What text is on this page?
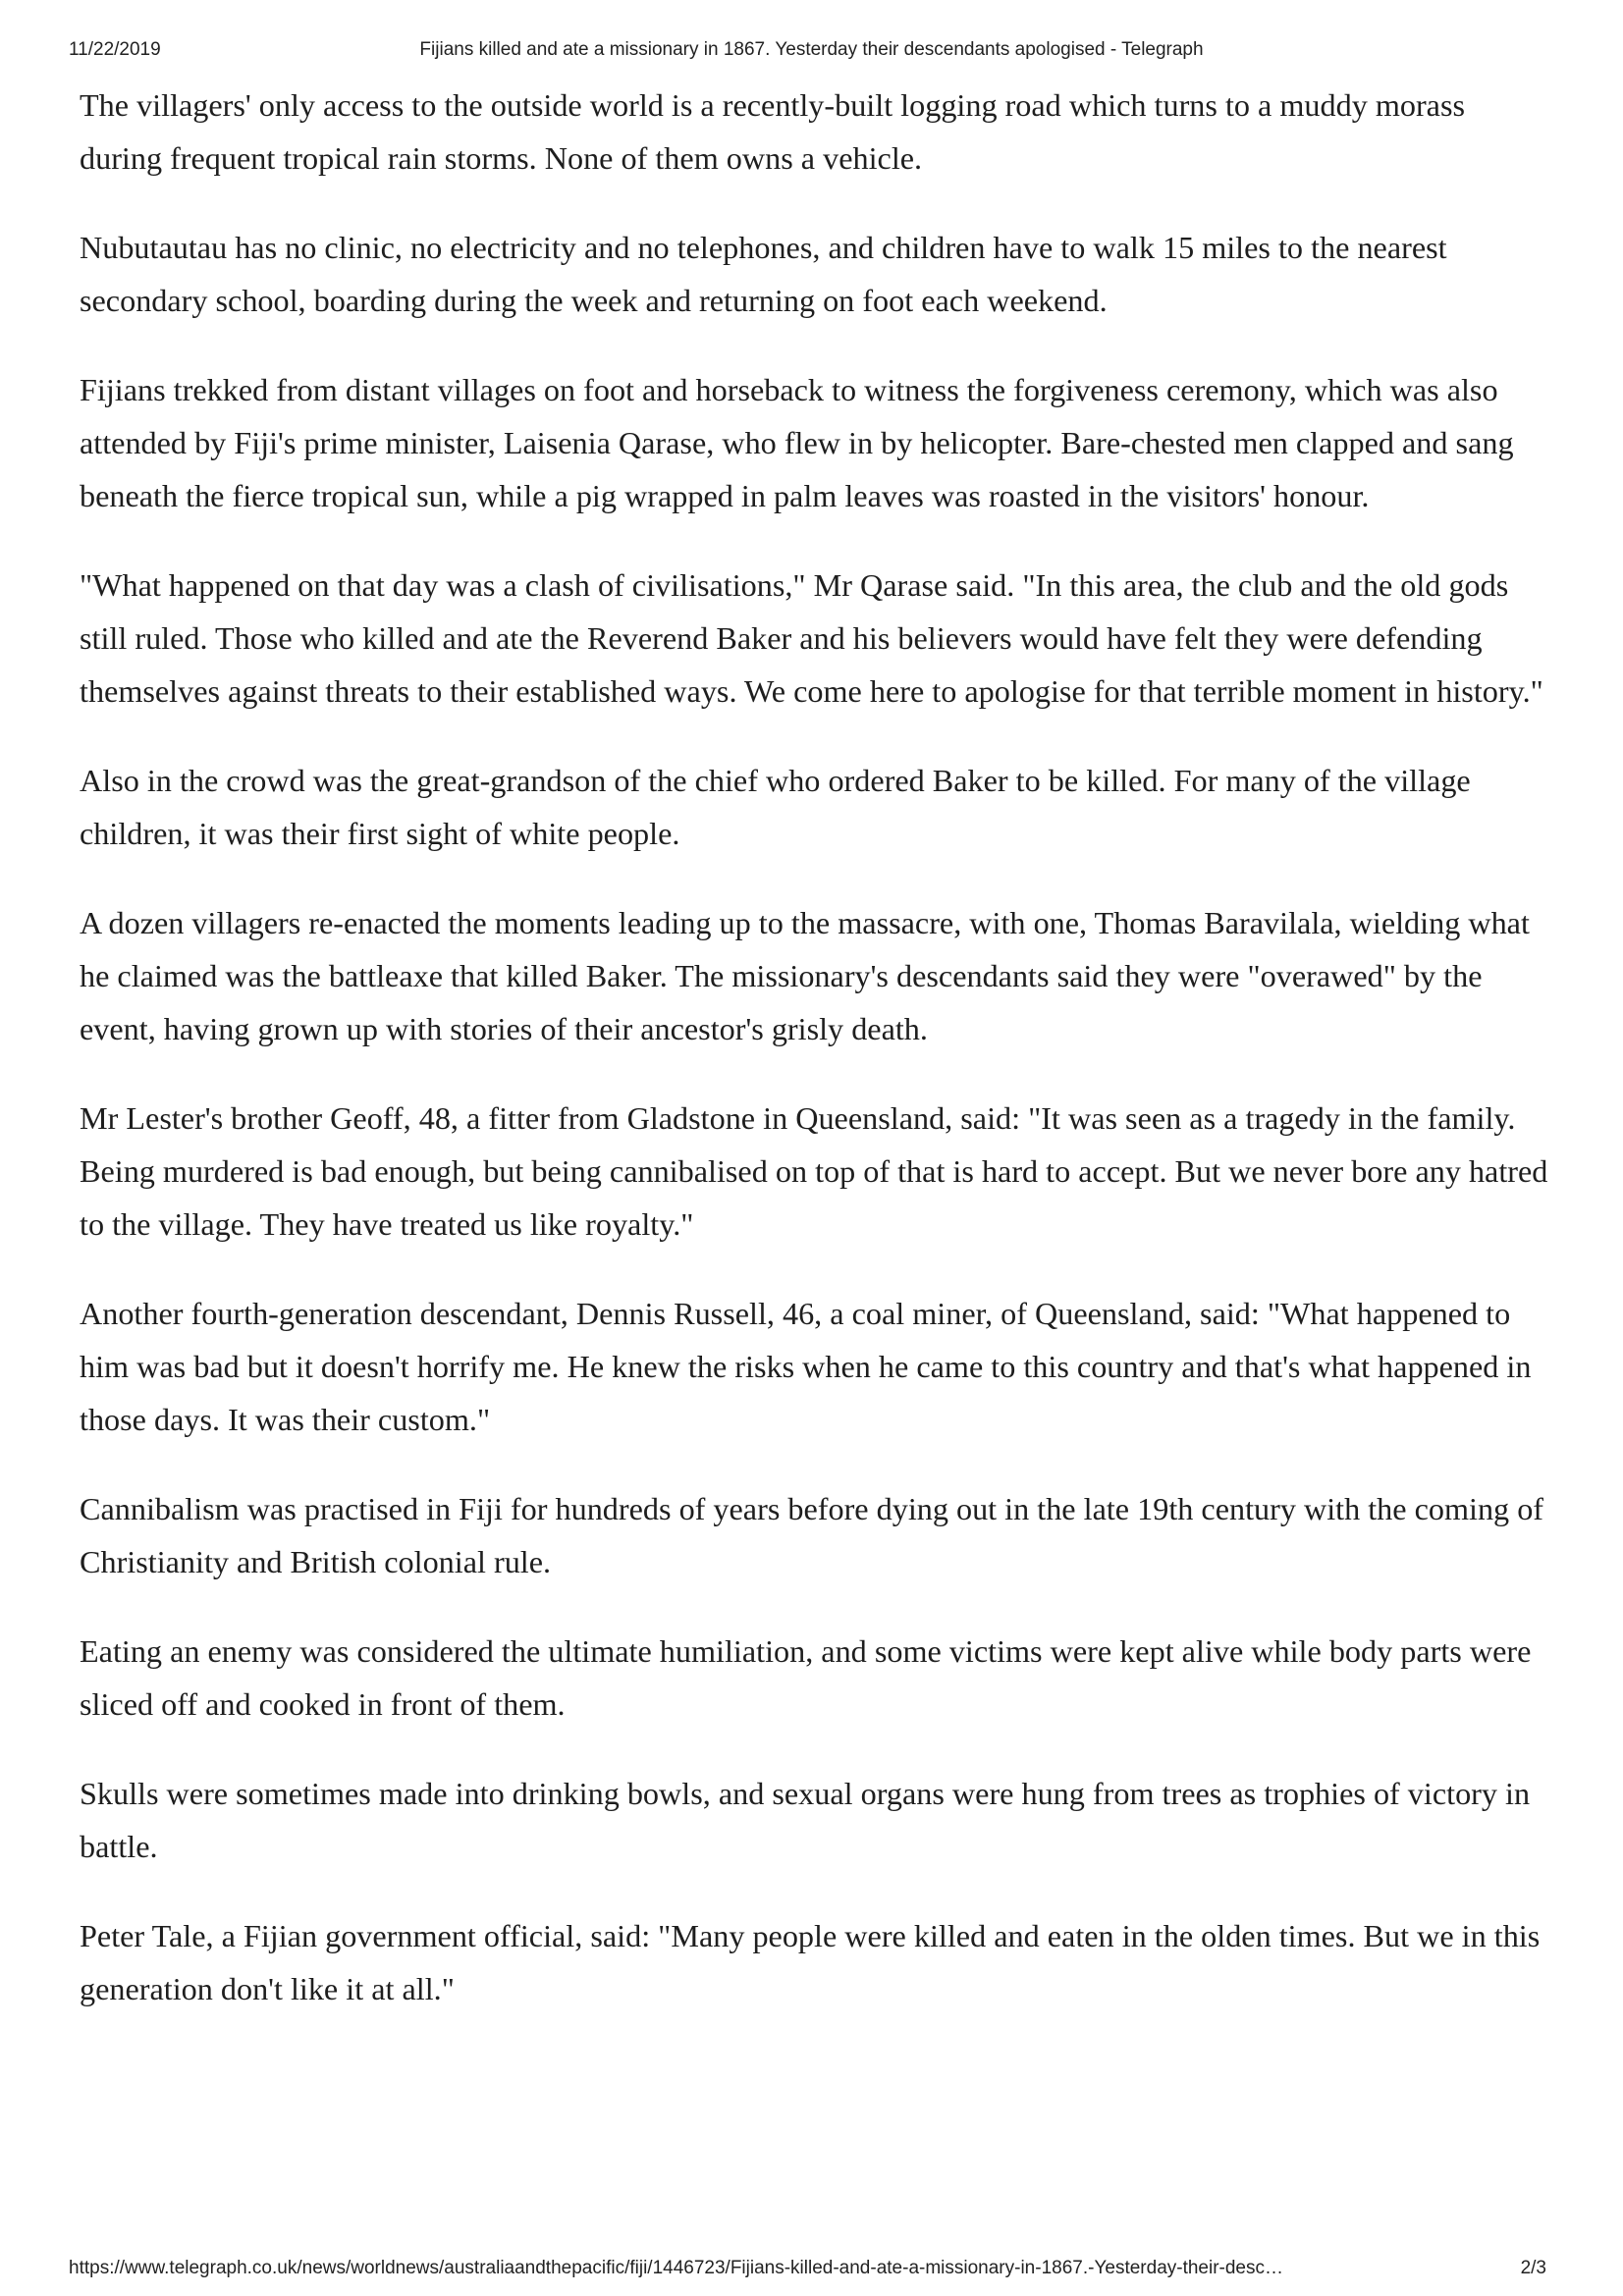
11/22/2019	Fijians killed and ate a missionary in 1867. Yesterday their descendants apologised - Telegraph

The villagers' only access to the outside world is a recently-built logging road which turns to a muddy morass during frequent tropical rain storms. None of them owns a vehicle.

Nubutautau has no clinic, no electricity and no telephones, and children have to walk 15 miles to the nearest secondary school, boarding during the week and returning on foot each weekend.

Fijians trekked from distant villages on foot and horseback to witness the forgiveness ceremony, which was also attended by Fiji's prime minister, Laisenia Qarase, who flew in by helicopter. Bare-chested men clapped and sang beneath the fierce tropical sun, while a pig wrapped in palm leaves was roasted in the visitors' honour.

"What happened on that day was a clash of civilisations," Mr Qarase said. "In this area, the club and the old gods still ruled. Those who killed and ate the Reverend Baker and his believers would have felt they were defending themselves against threats to their established ways. We come here to apologise for that terrible moment in history."

Also in the crowd was the great-grandson of the chief who ordered Baker to be killed. For many of the village children, it was their first sight of white people.

A dozen villagers re-enacted the moments leading up to the massacre, with one, Thomas Baravilala, wielding what he claimed was the battleaxe that killed Baker. The missionary's descendants said they were "overawed" by the event, having grown up with stories of their ancestor's grisly death.

Mr Lester's brother Geoff, 48, a fitter from Gladstone in Queensland, said: "It was seen as a tragedy in the family. Being murdered is bad enough, but being cannibalised on top of that is hard to accept. But we never bore any hatred to the village. They have treated us like royalty."

Another fourth-generation descendant, Dennis Russell, 46, a coal miner, of Queensland, said: "What happened to him was bad but it doesn't horrify me. He knew the risks when he came to this country and that's what happened in those days. It was their custom."

Cannibalism was practised in Fiji for hundreds of years before dying out in the late 19th century with the coming of Christianity and British colonial rule.

Eating an enemy was considered the ultimate humiliation, and some victims were kept alive while body parts were sliced off and cooked in front of them.

Skulls were sometimes made into drinking bowls, and sexual organs were hung from trees as trophies of victory in battle.

Peter Tale, a Fijian government official, said: "Many people were killed and eaten in the olden times. But we in this generation don't like it at all."

https://www.telegraph.co.uk/news/worldnews/australiaandthepacific/fiji/1446723/Fijians-killed-and-ate-a-missionary-in-1867.-Yesterday-their-desc…	2/3
